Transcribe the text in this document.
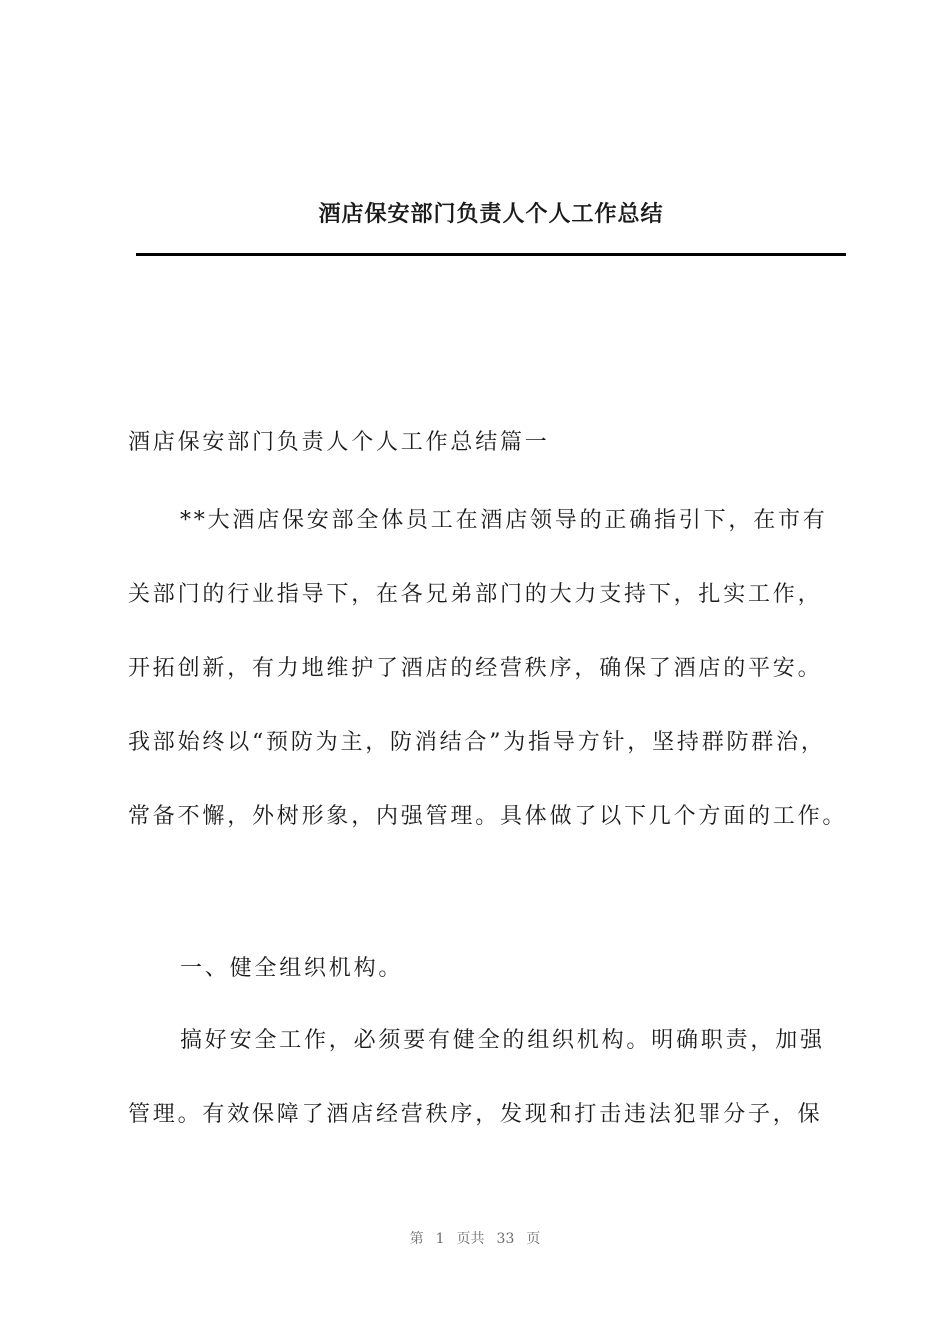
酒店保安部门负责人个人工作总结

酒店保安部门负责人个人工作总结篇一

**大酒店保安部全体员工在酒店领导的正确指引下，在市有

关部门的行业指导下，在各兄弟部门的大力支持下，扎实工作，

开拓创新，有力地维护了酒店的经营秩序，确保了酒店的平安。

我部始终以“预防为主，防消结合”为指导方针，坚持群防群治，

常备不懈，外树形象，内强管理。具体做了以下几个方面的工作。

一、健全组织机构。

搞好安全工作，必须要有健全的组织机构。明确职责，加强

管理。有效保障了酒店经营秩序，发现和打击违法犯罪分子，保

第 1 页共 33 页
